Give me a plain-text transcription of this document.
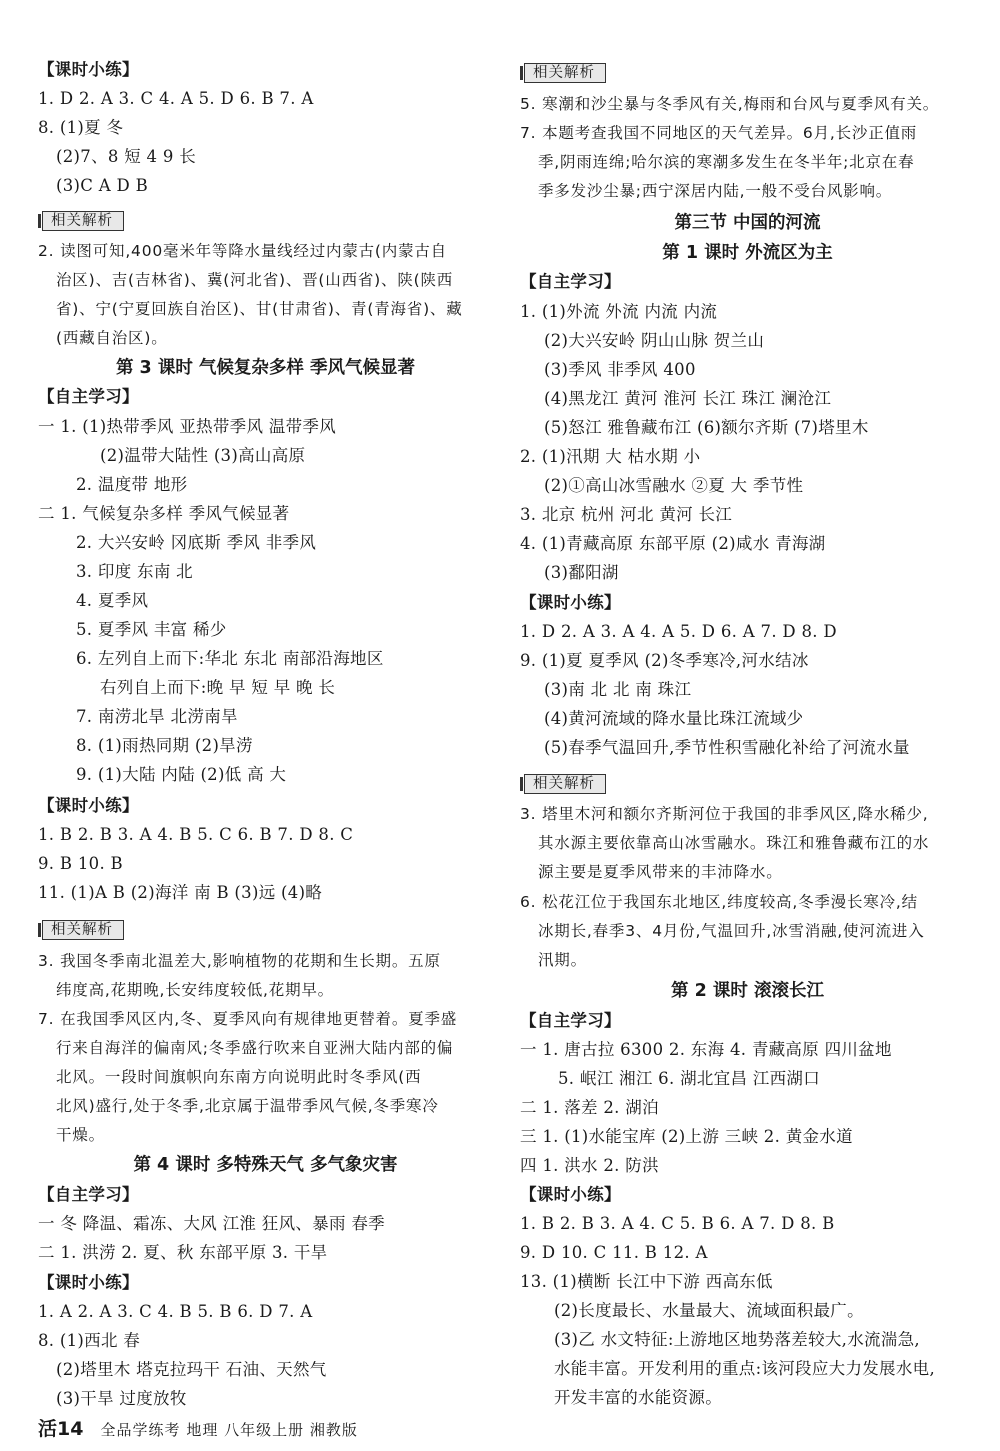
【课时小练】
1. D 2. A 3. C 4. A 5. D 6. B 7. A
8. (1)夏 冬
(2)7、8 短 4 9 长
(3)C A D B
相关解析
2. 读图可知,400毫米年等降水量线经过内蒙古(内蒙古自
治区)、吉(吉林省)、冀(河北省)、晋(山西省)、陕(陕西
省)、宁(宁夏回族自治区)、甘(甘肃省)、青(青海省)、藏
(西藏自治区)。
第 3 课时 气候复杂多样 季风气候显著
【自主学习】
一 1. (1)热带季风 亚热带季风 温带季风
(2)温带大陆性 (3)高山高原
2. 温度带 地形
二 1. 气候复杂多样 季风气候显著
2. 大兴安岭 冈底斯 季风 非季风
3. 印度 东南 北
4. 夏季风
5. 夏季风 丰富 稀少
6. 左列自上而下:华北 东北 南部沿海地区
右列自上而下:晚 早 短 早 晚 长
7. 南涝北旱 北涝南旱
8. (1)雨热同期 (2)旱涝
9. (1)大陆 内陆 (2)低 高 大
【课时小练】
1. B 2. B 3. A 4. B 5. C 6. B 7. D 8. C
9. B 10. B
11. (1)A B (2)海洋 南 B (3)远 (4)略
相关解析
3. 我国冬季南北温差大,影响植物的花期和生长期。五原
纬度高,花期晚,长安纬度较低,花期早。
7. 在我国季风区内,冬、夏季风向有规律地更替着。夏季盛
行来自海洋的偏南风;冬季盛行吹来自亚洲大陆内部的偏
北风。一段时间旗帜向东南方向说明此时冬季风(西
北风)盛行,处于冬季,北京属于温带季风气候,冬季寒冷
干燥。
第 4 课时 多特殊天气 多气象灾害
【自主学习】
一 冬 降温、霜冻、大风 江淮 狂风、暴雨 春季
二 1. 洪涝 2. 夏、秋 东部平原 3. 干旱
【课时小练】
1. A 2. A 3. C 4. B 5. B 6. D 7. A
8. (1)西北 春
(2)塔里木 塔克拉玛干 石油、天然气
(3)干旱 过度放牧
相关解析
5. 寒潮和沙尘暴与冬季风有关,梅雨和台风与夏季风有关。
7. 本题考查我国不同地区的天气差异。6月,长沙正值雨
季,阴雨连绵;哈尔滨的寒潮多发生在冬半年;北京在春
季多发沙尘暴;西宁深居内陆,一般不受台风影响。
第三节 中国的河流
第 1 课时 外流区为主
【自主学习】
1. (1)外流 外流 内流 内流
(2)大兴安岭 阴山山脉 贺兰山
(3)季风 非季风 400
(4)黑龙江 黄河 淮河 长江 珠江 澜沧江
(5)怒江 雅鲁藏布江 (6)额尔齐斯 (7)塔里木
2. (1)汛期 大 枯水期 小
(2)①高山冰雪融水 ②夏 大 季节性
3. 北京 杭州 河北 黄河 长江
4. (1)青藏高原 东部平原 (2)咸水 青海湖
(3)鄱阳湖
【课时小练】
1. D 2. A 3. A 4. A 5. D 6. A 7. D 8. D
9. (1)夏 夏季风 (2)冬季寒冷,河水结冰
(3)南 北 北 南 珠江
(4)黄河流域的降水量比珠江流域少
(5)春季气温回升,季节性积雪融化补给了河流水量
相关解析
3. 塔里木河和额尔齐斯河位于我国的非季风区,降水稀少,
其水源主要依靠高山冰雪融水。珠江和雅鲁藏布江的水
源主要是夏季风带来的丰沛降水。
6. 松花江位于我国东北地区,纬度较高,冬季漫长寒冷,结
冰期长,春季3、4月份,气温回升,冰雪消融,使河流进入
汛期。
第 2 课时 滚滚长江
【自主学习】
一 1. 唐古拉 6300 2. 东海 4. 青藏高原 四川盆地
5. 岷江 湘江 6. 湖北宜昌 江西湖口
二 1. 落差 2. 湖泊
三 1. (1)水能宝库 (2)上游 三峡 2. 黄金水道
四 1. 洪水 2. 防洪
【课时小练】
1. B 2. B 3. A 4. C 5. B 6. A 7. D 8. B
9. D 10. C 11. B 12. A
13. (1)横断 长江中下游 西高东低
(2)长度最长、水量最大、流域面积最广。
(3)乙 水文特征:上游地区地势落差较大,水流湍急,
水能丰富。开发利用的重点:该河段应大力发展水电,
开发丰富的水能资源。
活14 全品学练考 地理 八年级上册 湘教版
